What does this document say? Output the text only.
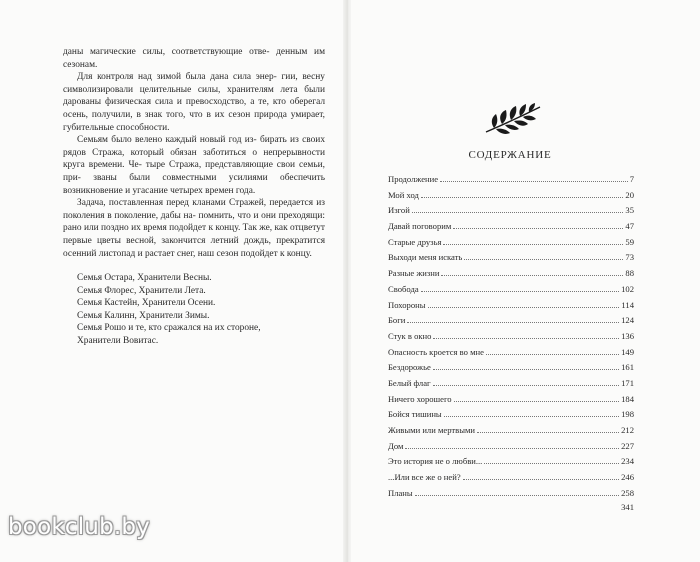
даны магические силы, соответствующие отве- денным им сезонам.

Для контроля над зимой была дана сила энер- гии, весну символизировали целительные силы, хранителям лета были дарованы физическая сила и превосходство, а те, кто оберегал осень, получили, в знак того, что в их сезон природа умирает, губительные способности.

Семьям было велено каждый новый год из- бирать из своих рядов Стража, который обязан заботиться о непрерывности круга времени. Че- тыре Стража, представляющие свои семьи, при- званы были совместными усилиями обеспечить возникновение и угасание четырех времен года.

Задача, поставленная перед кланами Стражей, передается из поколения в поколение, дабы на- помнить, что и они преходящи: рано или поздно их время подойдет к концу. Так же, как отцветут первые цветы весной, закончится летний дождь, прекратится осенний листопад и растает снег, наш сезон подойдет к концу.

Семья Остара, Хранители Весны.
Семья Флорес, Хранители Лета.
Семья Кастейн, Хранители Осени.
Семья Калинн, Хранители Зимы.
Семья Рошо и те, кто сражался на их стороне,
Хранители Вовитас.
СОДЕРЖАНИЕ
Продолжение	7
Мой ход	20
Изгой	35
Давай поговорим	47
Старые друзья	59
Выходи меня искать	73
Разные жизни	88
Свобода	102
Похороны	114
Боги	124
Стук в окно	136
Опасность кроется во мне	149
Бездорожье	161
Белый флаг	171
Ничего хорошего	184
Бойся тишины	198
Живыми или мертвыми	212
Дом	227
Это история не о любви...	234
...Или все же о ней?	246
Планы	258
341
bookclub.by
